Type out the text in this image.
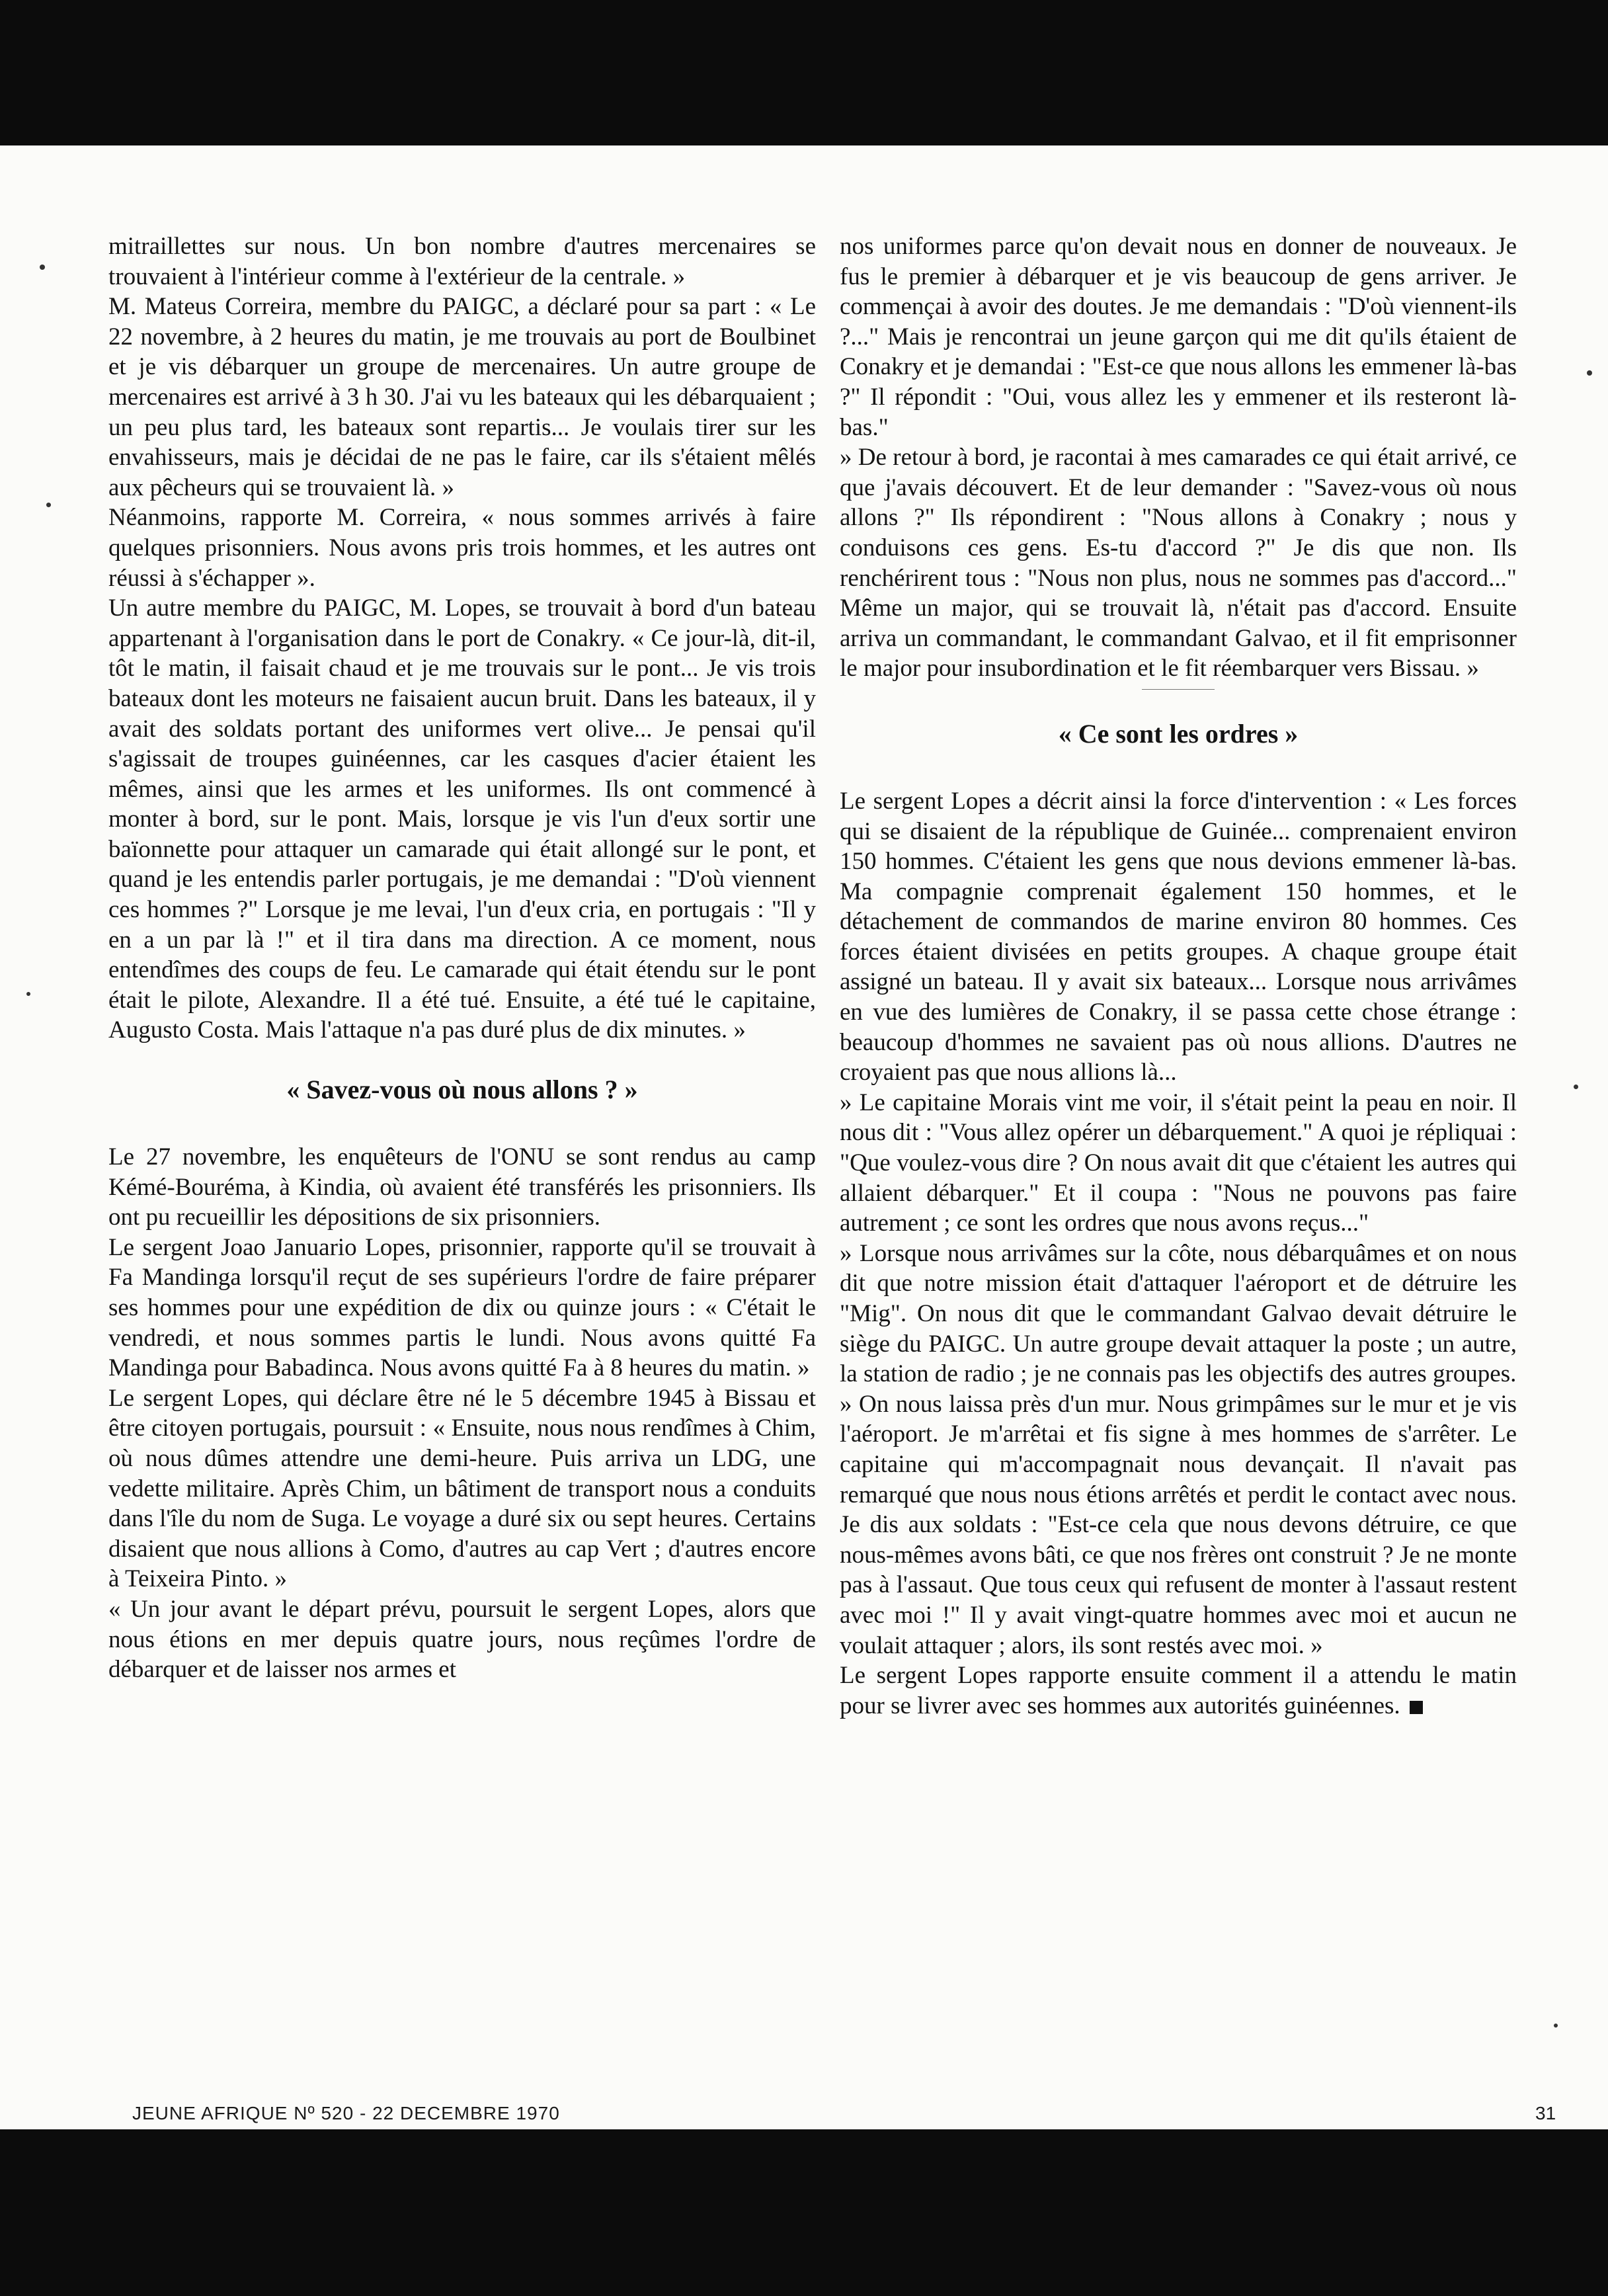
mitraillettes sur nous. Un bon nombre d'autres mercenaires se trouvaient à l'intérieur comme à l'extérieur de la centrale. »

M. Mateus Correira, membre du PAIGC, a déclaré pour sa part : « Le 22 novembre, à 2 heures du matin, je me trouvais au port de Boulbinet et je vis débarquer un groupe de mercenaires. Un autre groupe de mercenaires est arrivé à 3 h 30. J'ai vu les bateaux qui les débarquaient ; un peu plus tard, les bateaux sont repartis... Je voulais tirer sur les envahisseurs, mais je décidai de ne pas le faire, car ils s'étaient mêlés aux pêcheurs qui se trouvaient là. »

Néanmoins, rapporte M. Correira, « nous sommes arrivés à faire quelques prisonniers. Nous avons pris trois hommes, et les autres ont réussi à s'échapper ».

Un autre membre du PAIGC, M. Lopes, se trouvait à bord d'un bateau appartenant à l'organisation dans le port de Conakry. « Ce jour-là, dit-il, tôt le matin, il faisait chaud et je me trouvais sur le pont... Je vis trois bateaux dont les moteurs ne faisaient aucun bruit. Dans les bateaux, il y avait des soldats portant des uniformes vert olive... Je pensai qu'il s'agissait de troupes guinéennes, car les casques d'acier étaient les mêmes, ainsi que les armes et les uniformes. Ils ont commencé à monter à bord, sur le pont. Mais, lorsque je vis l'un d'eux sortir une baïonnette pour attaquer un camarade qui était allongé sur le pont, et quand je les entendis parler portugais, je me demandai : "D'où viennent ces hommes ?" Lorsque je me levai, l'un d'eux cria, en portugais : "Il y en a un par là !" et il tira dans ma direction. A ce moment, nous entendîmes des coups de feu. Le camarade qui était étendu sur le pont était le pilote, Alexandre. Il a été tué. Ensuite, a été tué le capitaine, Augusto Costa. Mais l'attaque n'a pas duré plus de dix minutes. »

« Savez-vous où nous allons ? »

Le 27 novembre, les enquêteurs de l'ONU se sont rendus au camp Kémé-Bouréma, à Kindia, où avaient été transférés les prisonniers. Ils ont pu recueillir les dépositions de six prisonniers.

Le sergent Joao Januario Lopes, prisonnier, rapporte qu'il se trouvait à Fa Mandinga lorsqu'il reçut de ses supérieurs l'ordre de faire préparer ses hommes pour une expédition de dix ou quinze jours : « C'était le vendredi, et nous sommes partis le lundi. Nous avons quitté Fa Mandinga pour Babadinca. Nous avons quitté Fa à 8 heures du matin. »

Le sergent Lopes, qui déclare être né le 5 décembre 1945 à Bissau et être citoyen portugais, poursuit : « Ensuite, nous nous rendîmes à Chim, où nous dûmes attendre une demi-heure. Puis arriva un LDG, une vedette militaire. Après Chim, un bâtiment de transport nous a conduits dans l'île du nom de Suga. Le voyage a duré six ou sept heures. Certains disaient que nous allions à Como, d'autres au cap Vert ; d'autres encore à Teixeira Pinto. »

« Un jour avant le départ prévu, poursuit le sergent Lopes, alors que nous étions en mer depuis quatre jours, nous reçûmes l'ordre de débarquer et de laisser nos armes et

nos uniformes parce qu'on devait nous en donner de nouveaux. Je fus le premier à débarquer et je vis beaucoup de gens arriver. Je commençai à avoir des doutes. Je me demandais : "D'où viennent-ils ?..." Mais je rencontrai un jeune garçon qui me dit qu'ils étaient de Conakry et je demandai : "Est-ce que nous allons les emmener là-bas ?" Il répondit : "Oui, vous allez les y emmener et ils resteront là-bas."

» De retour à bord, je racontai à mes camarades ce qui était arrivé, ce que j'avais découvert. Et de leur demander : "Savez-vous où nous allons ?" Ils répondirent : "Nous allons à Conakry ; nous y conduisons ces gens. Es-tu d'accord ?" Je dis que non. Ils renchérirent tous : "Nous non plus, nous ne sommes pas d'accord..." Même un major, qui se trouvait là, n'était pas d'accord. Ensuite arriva un commandant, le commandant Galvao, et il fit emprisonner le major pour insubordination et le fit réembarquer vers Bissau. »

« Ce sont les ordres »

Le sergent Lopes a décrit ainsi la force d'intervention : « Les forces qui se disaient de la république de Guinée... comprenaient environ 150 hommes. C'étaient les gens que nous devions emmener là-bas. Ma compagnie comprenait également 150 hommes, et le détachement de commandos de marine environ 80 hommes. Ces forces étaient divisées en petits groupes. A chaque groupe était assigné un bateau. Il y avait six bateaux... Lorsque nous arrivâmes en vue des lumières de Conakry, il se passa cette chose étrange : beaucoup d'hommes ne savaient pas où nous allions. D'autres ne croyaient pas que nous allions là...

» Le capitaine Morais vint me voir, il s'était peint la peau en noir. Il nous dit : "Vous allez opérer un débarquement." A quoi je répliquai : "Que voulez-vous dire ? On nous avait dit que c'étaient les autres qui allaient débarquer." Et il coupa : "Nous ne pouvons pas faire autrement ; ce sont les ordres que nous avons reçus..."

» Lorsque nous arrivâmes sur la côte, nous débarquâmes et on nous dit que notre mission était d'attaquer l'aéroport et de détruire les "Mig". On nous dit que le commandant Galvao devait détruire le siège du PAIGC. Un autre groupe devait attaquer la poste ; un autre, la station de radio ; je ne connais pas les objectifs des autres groupes.

» On nous laissa près d'un mur. Nous grimpâmes sur le mur et je vis l'aéroport. Je m'arrêtai et fis signe à mes hommes de s'arrêter. Le capitaine qui m'accompagnait nous devançait. Il n'avait pas remarqué que nous nous étions arrêtés et perdit le contact avec nous. Je dis aux soldats : "Est-ce cela que nous devons détruire, ce que nous-mêmes avons bâti, ce que nos frères ont construit ? Je ne monte pas à l'assaut. Que tous ceux qui refusent de monter à l'assaut restent avec moi !" Il y avait vingt-quatre hommes avec moi et aucun ne voulait attaquer ; alors, ils sont restés avec moi. »

Le sergent Lopes rapporte ensuite comment il a attendu le matin pour se livrer avec ses hommes aux autorités guinéennes.

JEUNE AFRIQUE Nº 520 - 22 DECEMBRE 1970	31
